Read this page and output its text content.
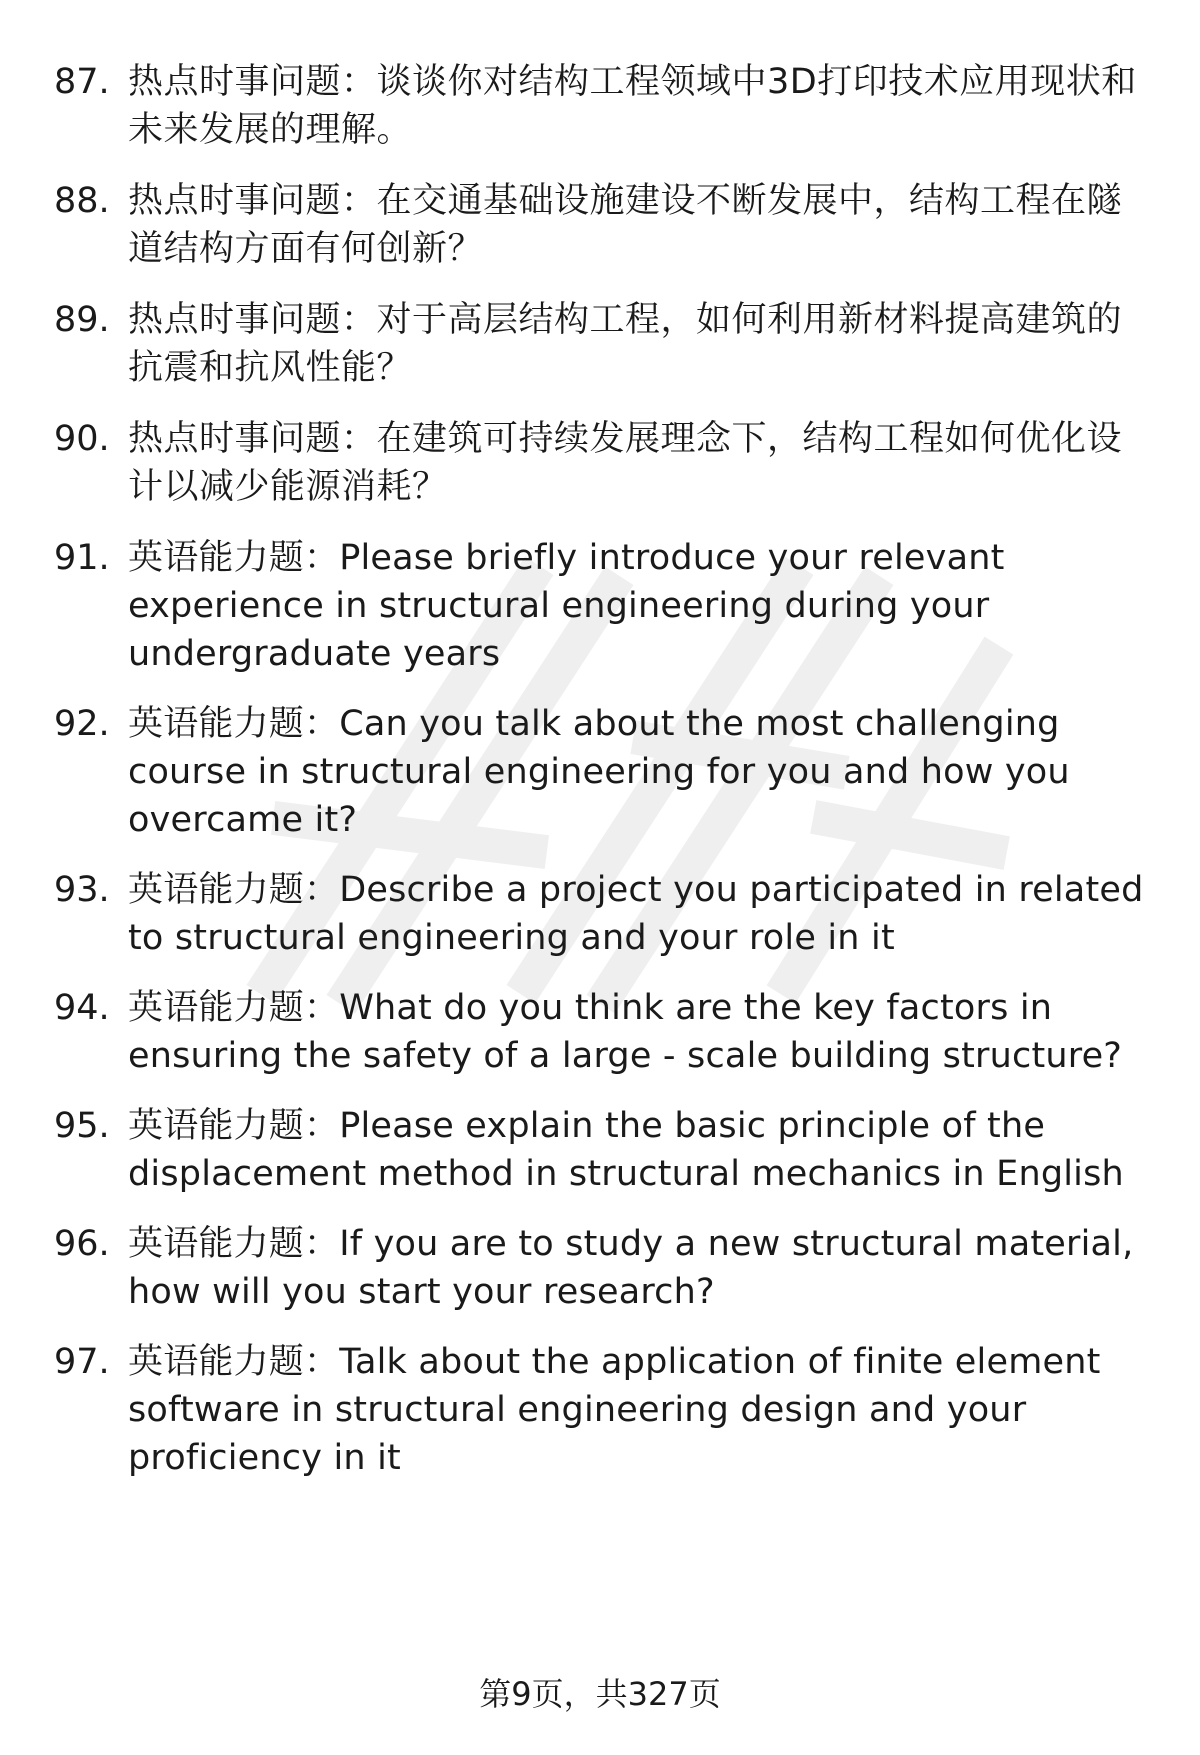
87. 热点时事问题：谈谈你对结构工程领域中3D打印技术应用现状和未来发展的理解。
88. 热点时事问题：在交通基础设施建设不断发展中，结构工程在隧道结构方面有何创新？
89. 热点时事问题：对于高层结构工程，如何利用新材料提高建筑的抗震和抗风性能？
90. 热点时事问题：在建筑可持续发展理念下，结构工程如何优化设计以减少能源消耗？
91. 英语能力题：Please briefly introduce your relevant experience in structural engineering during your undergraduate years
92. 英语能力题：Can you talk about the most challenging course in structural engineering for you and how you overcame it?
93. 英语能力题：Describe a project you participated in related to structural engineering and your role in it
94. 英语能力题：What do you think are the key factors in ensuring the safety of a large - scale building structure?
95. 英语能力题：Please explain the basic principle of the displacement method in structural mechanics in English
96. 英语能力题：If you are to study a new structural material, how will you start your research?
97. 英语能力题：Talk about the application of finite element software in structural engineering design and your proficiency in it
第9页，共327页
